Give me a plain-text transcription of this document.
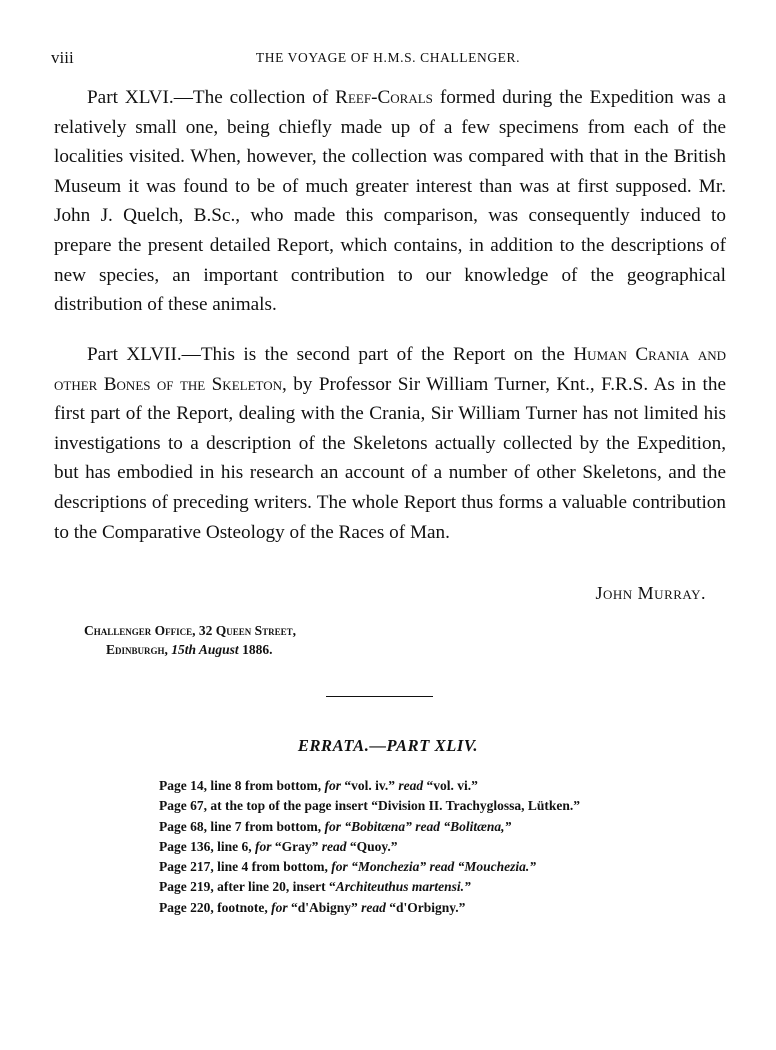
viii	THE VOYAGE OF H.M.S. CHALLENGER.

Part XLVI.—The collection of Reef-Corals formed during the Expedition was a relatively small one, being chiefly made up of a few specimens from each of the localities visited. When, however, the collection was compared with that in the British Museum it was found to be of much greater interest than was at first supposed. Mr. John J. Quelch, B.Sc., who made this comparison, was consequently induced to prepare the present detailed Report, which contains, in addition to the descriptions of new species, an important contribution to our knowledge of the geographical distribution of these animals.

Part XLVII.—This is the second part of the Report on the Human Crania and other Bones of the Skeleton, by Professor Sir William Turner, Knt., F.R.S. As in the first part of the Report, dealing with the Crania, Sir William Turner has not limited his investigations to a description of the Skeletons actually collected by the Expedition, but has embodied in his research an account of a number of other Skeletons, and the descriptions of preceding writers. The whole Report thus forms a valuable contribution to the Comparative Osteology of the Races of Man.

John Murray.
Challenger Office, 32 Queen Street,
Edinburgh, 15th August 1886.
ERRATA.—PART XLIV.
Page 14, line 8 from bottom, for “vol. iv.” read “vol. vi.”
Page 67, at the top of the page insert “Division II. Trachyglossa, Lütken.”
Page 68, line 7 from bottom, for “Bobitæna” read “Bolitæna,”
Page 136, line 6, for “Gray” read “Quoy.”
Page 217, line 4 from bottom, for “Monchezia” read “Mouchezia.”
Page 219, after line 20, insert “Architeuthus martensi.”
Page 220, footnote, for “d'Abigny” read “d'Orbigny.”
